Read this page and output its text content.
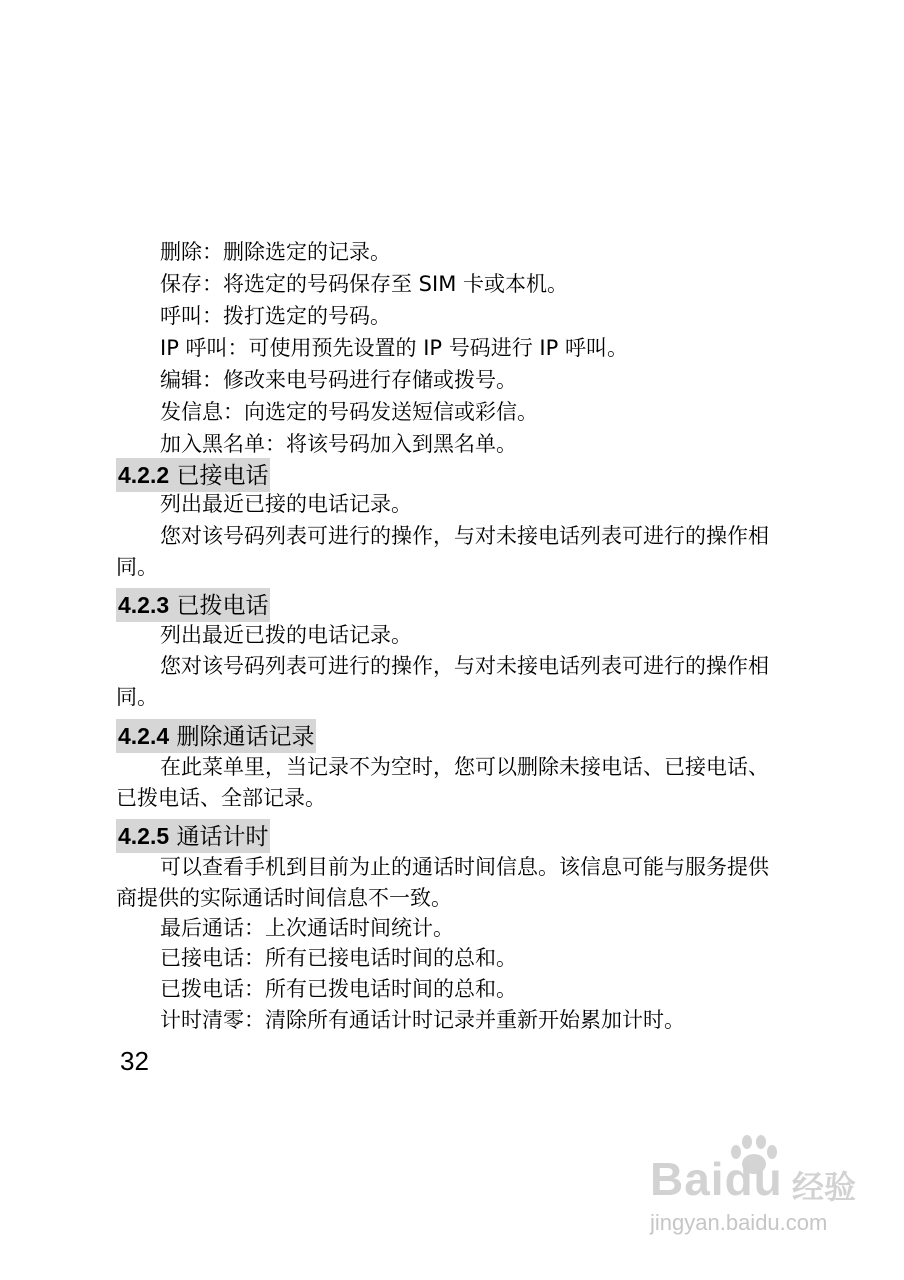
删除：删除选定的记录。
保存：将选定的号码保存至 SIM 卡或本机。
呼叫：拨打选定的号码。
IP 呼叫：可使用预先设置的 IP 号码进行 IP 呼叫。
编辑：修改来电号码进行存储或拨号。
发信息：向选定的号码发送短信或彩信。
加入黑名单：将该号码加入到黑名单。
4.2.2 已接电话
列出最近已接的电话记录。
您对该号码列表可进行的操作，与对未接电话列表可进行的操作相
同。
4.2.3 已拨电话
列出最近已拨的电话记录。
您对该号码列表可进行的操作，与对未接电话列表可进行的操作相
同。
4.2.4 删除通话记录
在此菜单里，当记录不为空时，您可以删除未接电话、已接电话、
已拨电话、全部记录。
4.2.5 通话计时
可以查看手机到目前为止的通话时间信息。该信息可能与服务提供
商提供的实际通话时间信息不一致。
最后通话：上次通话时间统计。
已接电话：所有已接电话时间的总和。
已拨电话：所有已拨电话时间的总和。
计时清零：清除所有通话计时记录并重新开始累加计时。
32
Baidu 经验
jingyan.baidu.com
